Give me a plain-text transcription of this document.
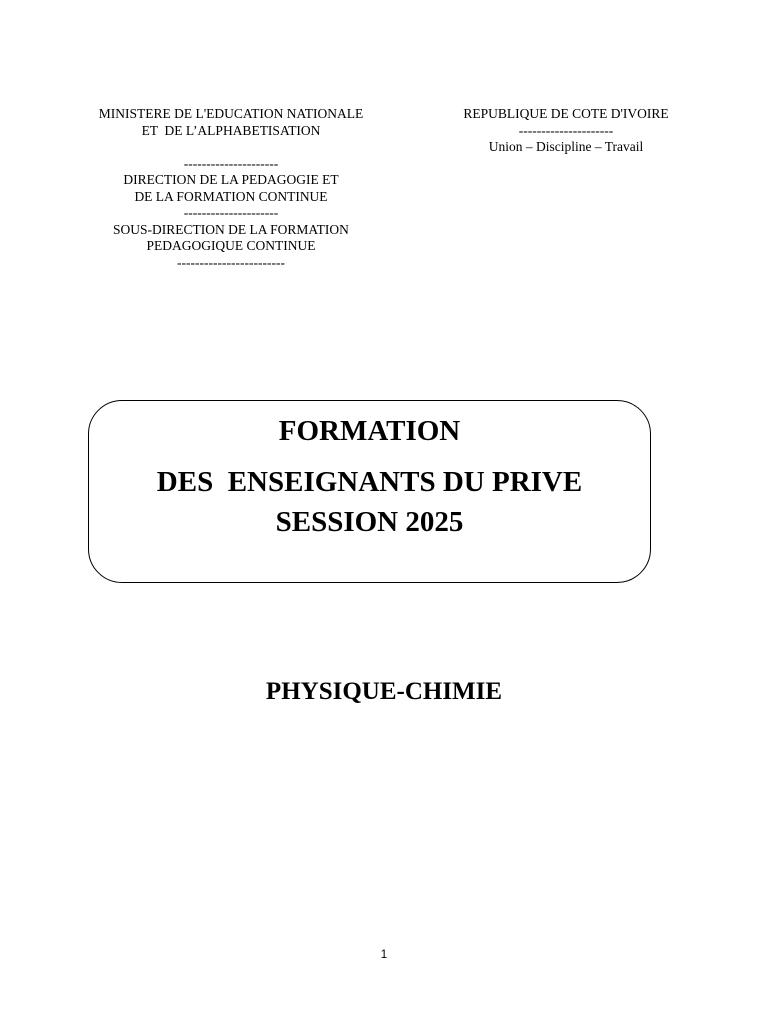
MINISTERE DE L'EDUCATION NATIONALE
ET  DE L’ALPHABETISATION
---------------------
DIRECTION DE LA PEDAGOGIE ET
DE LA FORMATION CONTINUE
---------------------
SOUS-DIRECTION DE LA FORMATION
PEDAGOGIQUE CONTINUE
------------------------
REPUBLIQUE DE COTE D'IVOIRE
---------------------
Union – Discipline – Travail
FORMATION
DES  ENSEIGNANTS DU PRIVE
SESSION 2025
PHYSIQUE-CHIMIE
1
